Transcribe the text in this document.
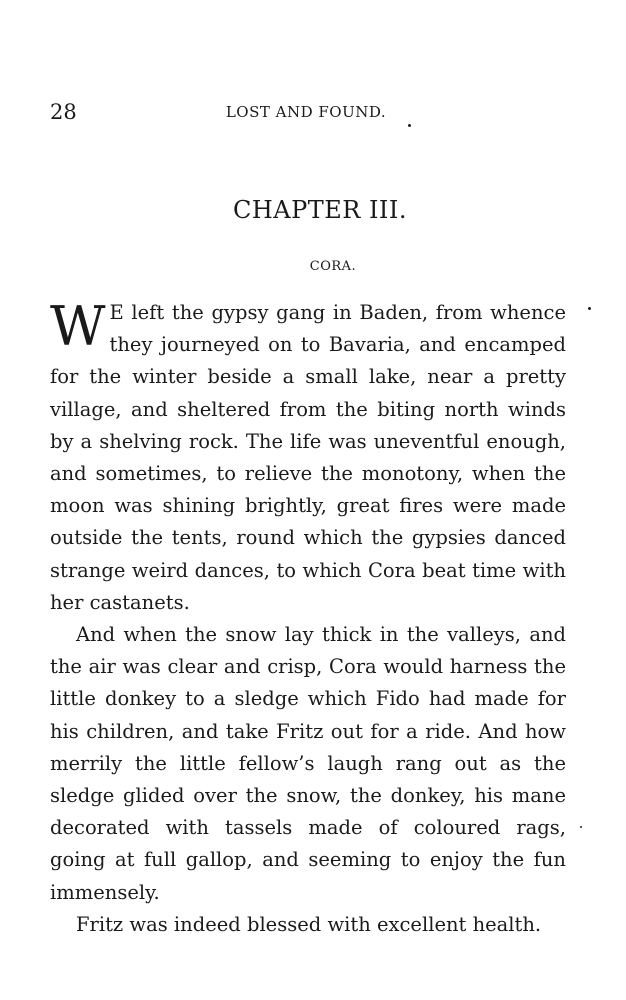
28	LOST AND FOUND.
CHAPTER III.
CORA.

W E left the gypsy gang in Baden, from whence they journeyed on to Bavaria, and encamped for the winter beside a small lake, near a pretty village, and sheltered from the biting north winds by a shelving rock. The life was uneventful enough, and sometimes, to relieve the monotony, when the moon was shining brightly, great fires were made outside the tents, round which the gypsies danced strange weird dances, to which Cora beat time with her castanets.

And when the snow lay thick in the valleys, and the air was clear and crisp, Cora would harness the little donkey to a sledge which Fido had made for his children, and take Fritz out for a ride. And how merrily the little fellow’s laugh rang out as the sledge glided over the snow, the donkey, his mane decorated with tassels made of coloured rags, going at full gallop, and seeming to enjoy the fun immensely.

Fritz was indeed blessed with excellent health.
